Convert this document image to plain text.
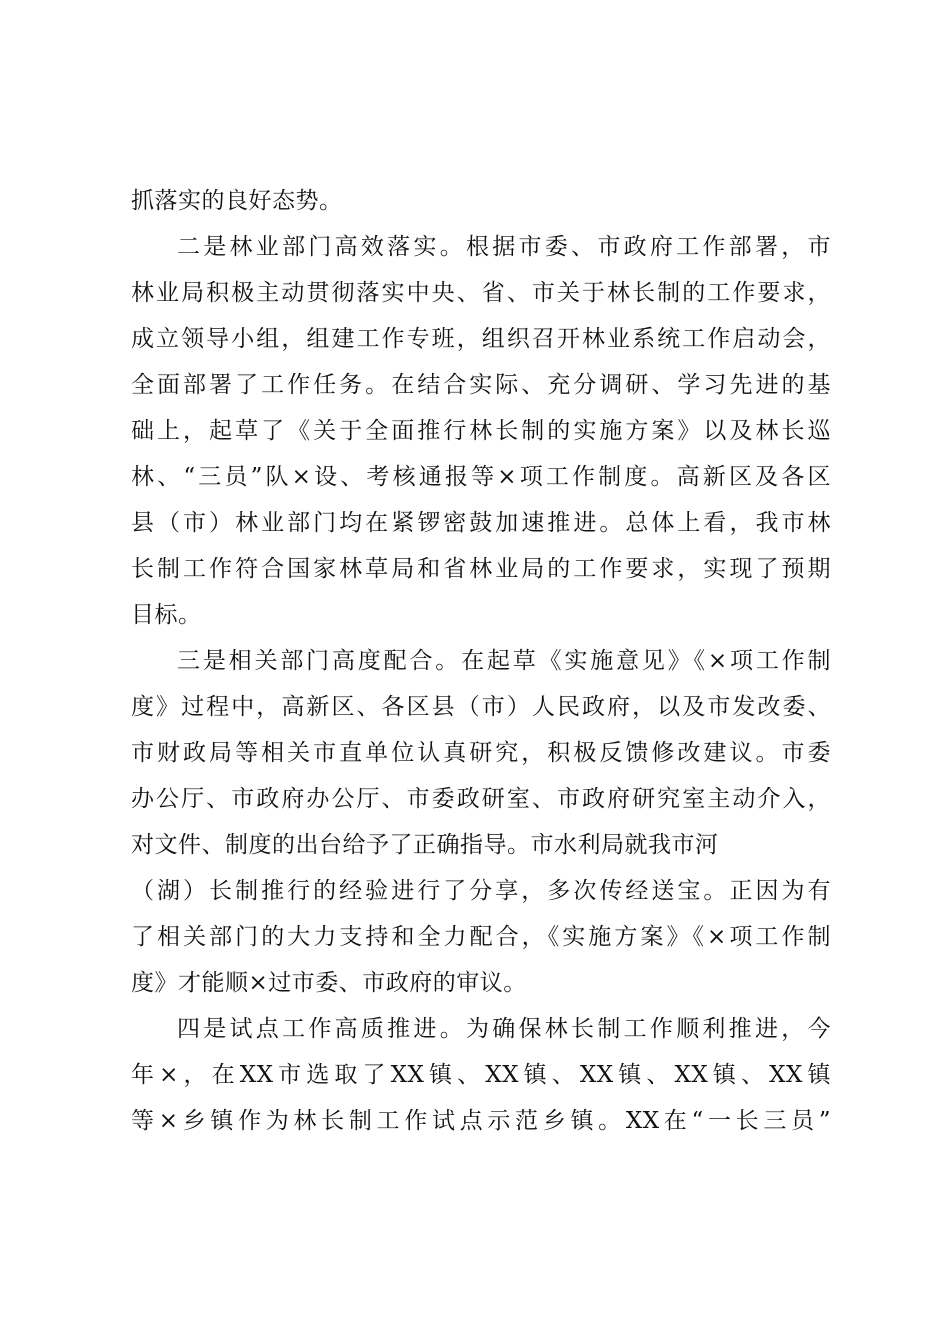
抓落实的良好态势。
二是林业部门高效落实。根据市委、市政府工作部署，市
林业局积极主动贯彻落实中央、省、市关于林长制的工作要求，
成立领导小组，组建工作专班，组织召开林业系统工作启动会，
全面部署了工作任务。在结合实际、充分调研、学习先进的基
础上，起草了《关于全面推行林长制的实施方案》以及林长巡
林、“三员”队×设、考核通报等×项工作制度。高新区及各区
县（市）林业部门均在紧锣密鼓加速推进。总体上看，我市林
长制工作符合国家林草局和省林业局的工作要求，实现了预期
目标。
三是相关部门高度配合。在起草《实施意见》《×项工作制
度》过程中，高新区、各区县（市）人民政府，以及市发改委、
市财政局等相关市直单位认真研究，积极反馈修改建议。市委
办公厅、市政府办公厅、市委政研室、市政府研究室主动介入，
对文件、制度的出台给予了正确指导。市水利局就我市河
（湖）长制推行的经验进行了分享，多次传经送宝。正因为有
了相关部门的大力支持和全力配合，《实施方案》《×项工作制
度》才能顺×过市委、市政府的审议。
四是试点工作高质推进。为确保林长制工作顺利推进，今
年×，在XX市选取了XX镇、XX镇、XX镇、XX镇、XX镇
等×乡镇作为林长制工作试点示范乡镇。XX在“一长三员”
